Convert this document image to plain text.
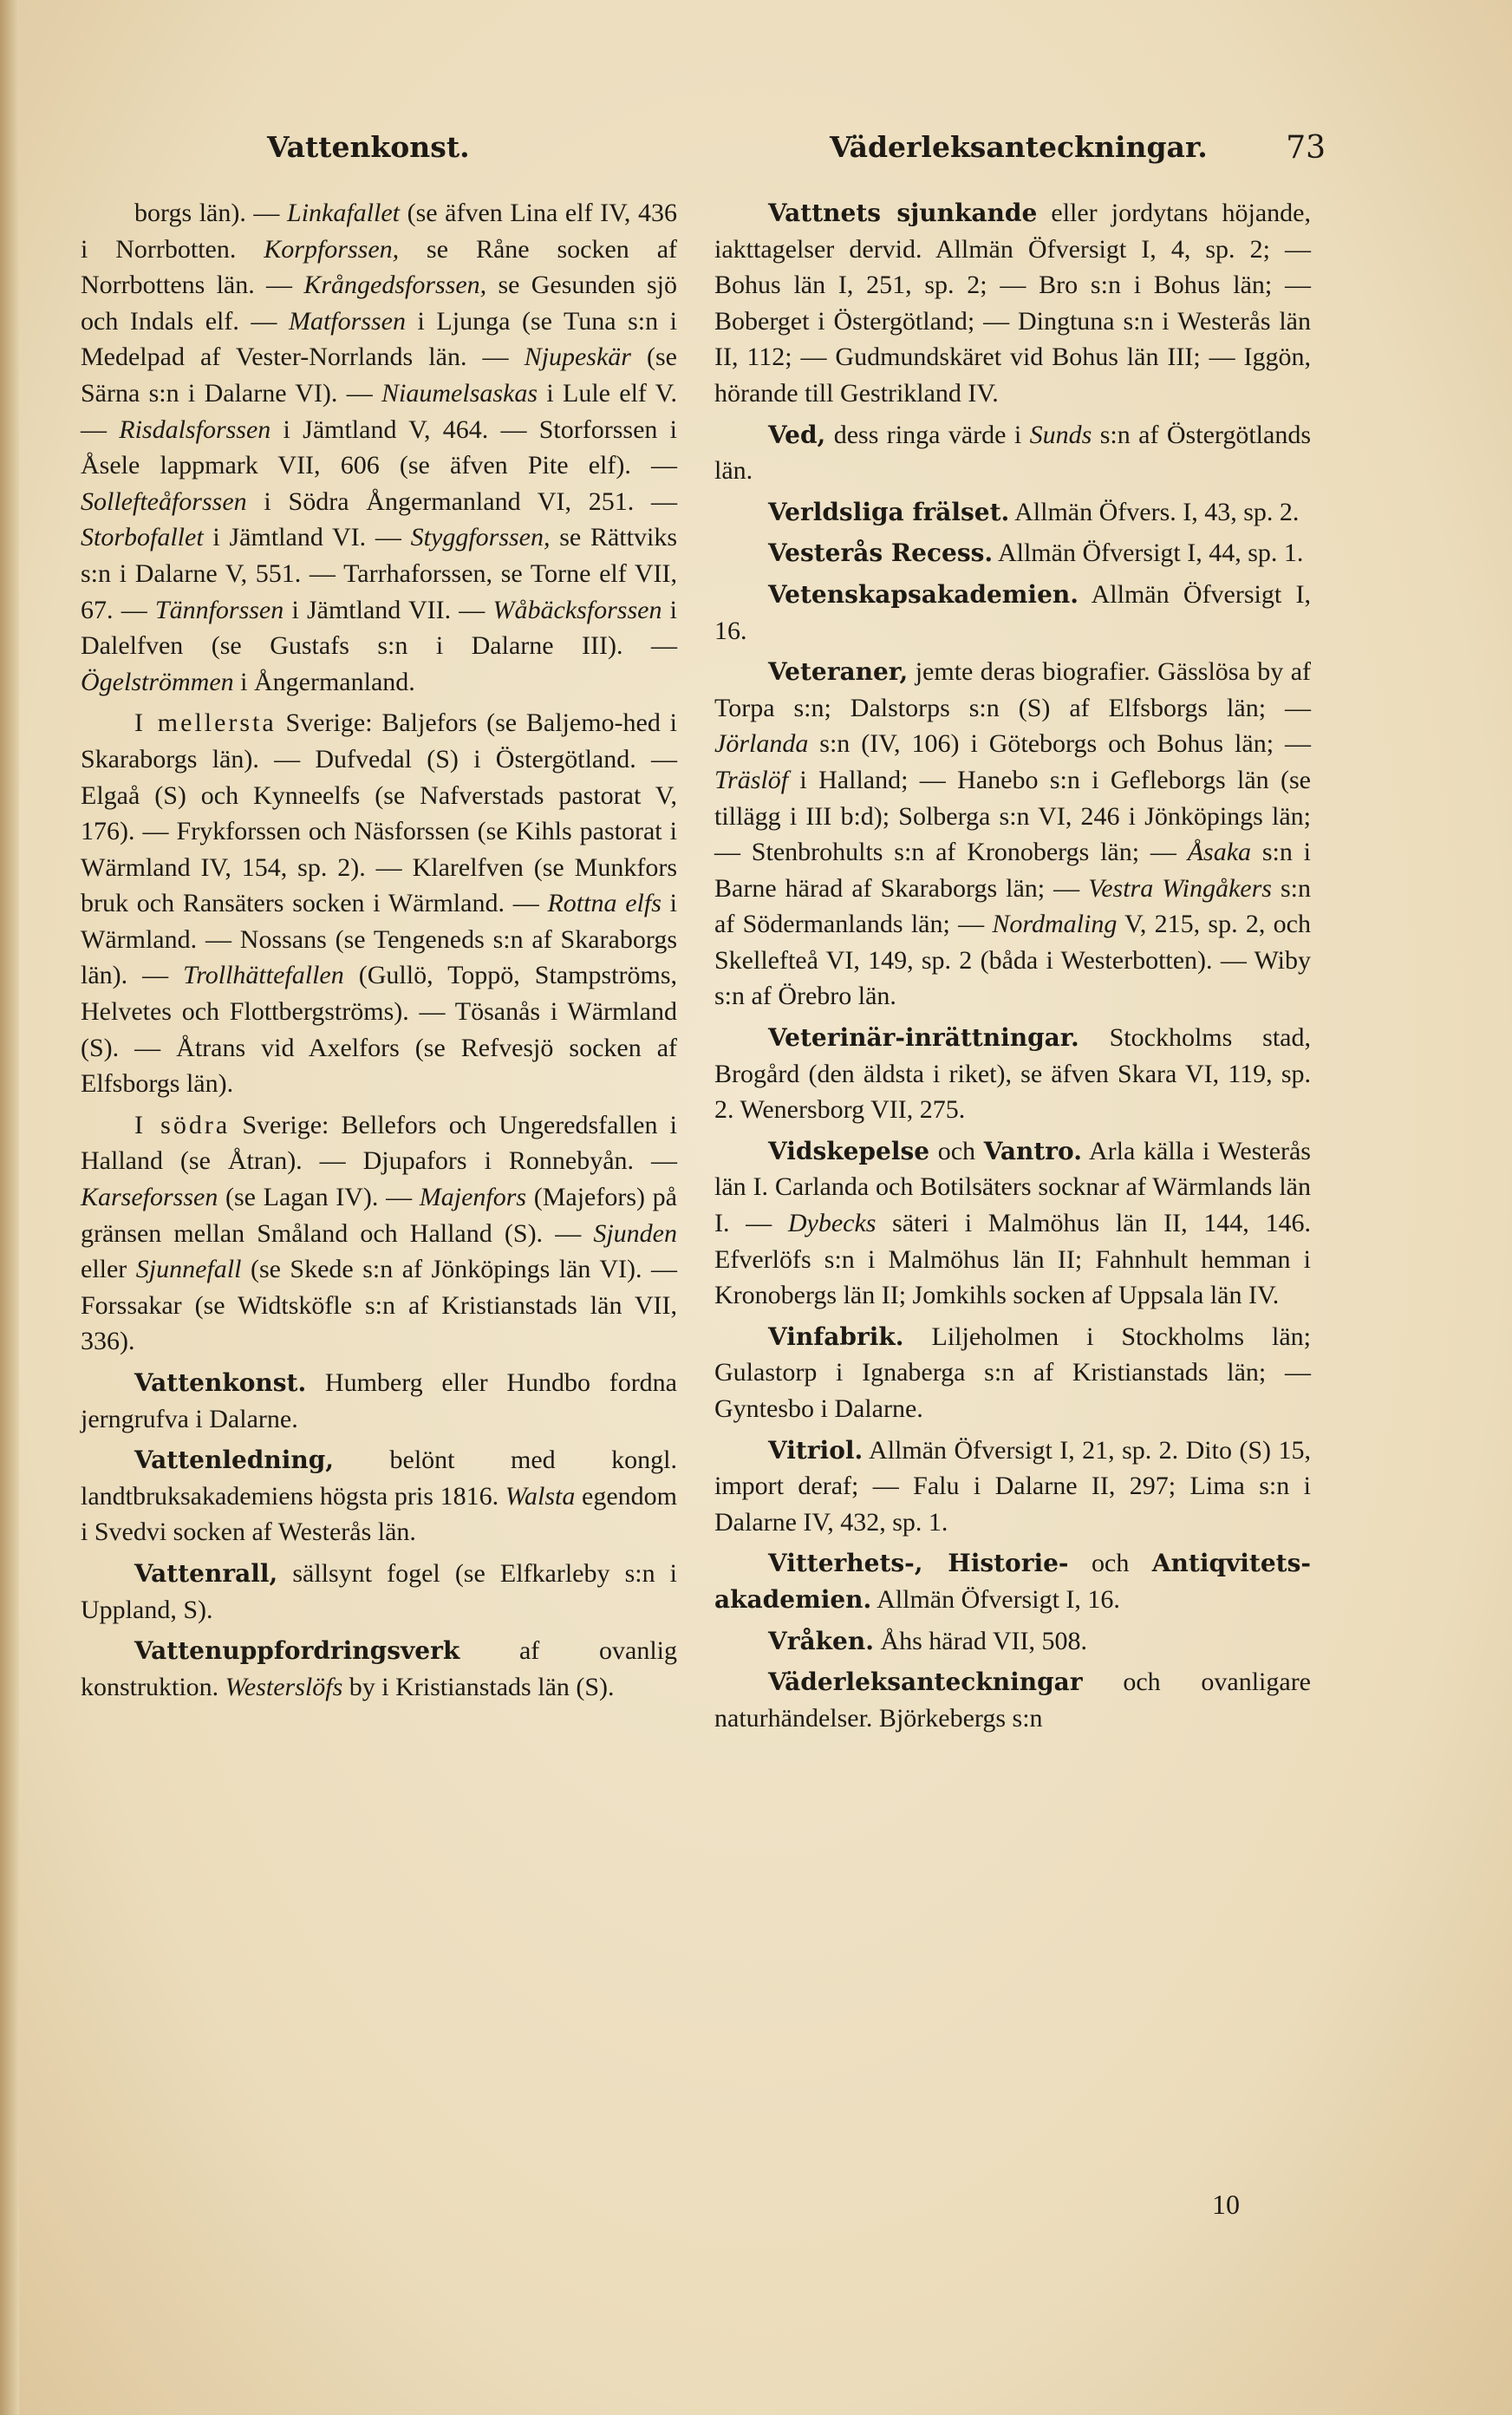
Vattenkonst.	Väderleksanteckningar.	73

borgs län). — Linkafallet (se äfven Lina elf IV, 436 i Norrbotten. Korpforssen, se Råne socken af Norrbottens län. — Krångedsforssen, se Gesunden sjö och Indals elf. — Matforssen i Ljunga (se Tuna s:n i Medelpad af Vester-Norrlands län. — Njupeskär (se Särna s:n i Dalarne VI). — Niaumelsaskas i Lule elf V. — Risdalsforssen i Jämtland V, 464. — Storforssen i Åsele lappmark VII, 606 (se äfven Pite elf). — Sollefteåforssen i Södra Ångermanland VI, 251. — Storbofallet i Jämtland VI. — Styggforssen, se Rättviks s:n i Dalarne V, 551. — Tarrhaforssen, se Torne elf VII, 67. — Tännforssen i Jämtland VII. — Wåbäcksforssen i Dalelfven (se Gustafs s:n i Dalarne III). — Ögelströmmen i Ångermanland.

I mellersta Sverige: Baljefors (se Baljemo-hed i Skaraborgs län). — Dufvedal (S) i Östergötland. — Elgaå (S) och Kynneelfs (se Nafverstads pastorat V, 176). — Frykforssen och Näsforssen (se Kihls pastorat i Wärmland IV, 154, sp. 2). — Klarelfven (se Munkfors bruk och Ransäters socken i Wärmland. — Rottna elfs i Wärmland. — Nossans (se Tengeneds s:n af Skaraborgs län). — Trollhättefallen (Gullö, Toppö, Stampströms, Helvetes och Flottbergströms). — Tösanås i Wärmland (S). — Åtrans vid Axelfors (se Refvesjö socken af Elfsborgs län).

I södra Sverige: Bellefors och Ungeredsfallen i Halland (se Åtran). — Djupafors i Ronnebyån. — Karseforssen (se Lagan IV). — Majenfors (Majefors) på gränsen mellan Småland och Halland (S). — Sjunden eller Sjunnefall (se Skede s:n af Jönköpings län VI). — Forssakar (se Widtsköfle s:n af Kristianstads län VII, 336).

Vattenkonst. Humberg eller Hundbo fordna jerngrufva i Dalarne.

Vattenledning, belönt med kongl. landtbruksakademiens högsta pris 1816. Walsta egendom i Svedvi socken af Westerås län.

Vattenrall, sällsynt fogel (se Elfkarleby s:n i Uppland, S).

Vattenuppfordringsverk af ovanlig konstruktion. Westerslöfs by i Kristianstads län (S).

Vattnets sjunkande eller jordytans höjande, iakttagelser dervid. Allmän Öfversigt I, 4, sp. 2; — Bohus län I, 251, sp. 2; — Bro s:n i Bohus län; — Boberget i Östergötland; — Dingtuna s:n i Westerås län II, 112; — Gudmundskäret vid Bohus län III; — Iggön, hörande till Gestrikland IV.

Ved, dess ringa värde i Sunds s:n af Östergötlands län.

Verldsliga frälset. Allmän Öfvers. I, 43, sp. 2.

Vesterås Recess. Allmän Öfversigt I, 44, sp. 1.

Vetenskapsakademien. Allmän Öfversigt I, 16.

Veteraner, jemte deras biografier. Gässlösa by af Torpa s:n; Dalstorps s:n (S) af Elfsborgs län; — Jörlanda s:n (IV, 106) i Göteborgs och Bohus län; — Träslöf i Halland; — Hanebo s:n i Gefleborgs län (se tillägg i III b:d); Solberga s:n VI, 246 i Jönköpings län; — Stenbrohults s:n af Kronobergs län; — Åsaka s:n i Barne härad af Skaraborgs län; — Vestra Wingåkers s:n af Södermanlands län; — Nordmaling V, 215, sp. 2, och Skellefteå VI, 149, sp. 2 (båda i Westerbotten). — Wiby s:n af Örebro län.

Veterinär-inrättningar. Stockholms stad, Brogård (den äldsta i riket), se äfven Skara VI, 119, sp. 2. Wenersborg VII, 275.

Vidskepelse och Vantro. Arla källa i Westerås län I. Carlanda och Botilsäters socknar af Wärmlands län I. — Dybecks säteri i Malmöhus län II, 144, 146. Efverlöfs s:n i Malmöhus län II; Fahnhult hemman i Kronobergs län II; Jomkihls socken af Uppsala län IV.

Vinfabrik. Liljeholmen i Stockholms län; Gulastorp i Ignaberga s:n af Kristianstads län; — Gyntesbo i Dalarne.

Vitriol. Allmän Öfversigt I, 21, sp. 2. Dito (S) 15, import deraf; — Falu i Dalarne II, 297; Lima s:n i Dalarne IV, 432, sp. 1.

Vitterhets-, Historie- och Antiqvitets-akademien. Allmän Öfversigt I, 16.

Vråken. Åhs härad VII, 508.

Väderleksanteckningar och ovanligare naturhändelser. Björkebergs s:n

10
